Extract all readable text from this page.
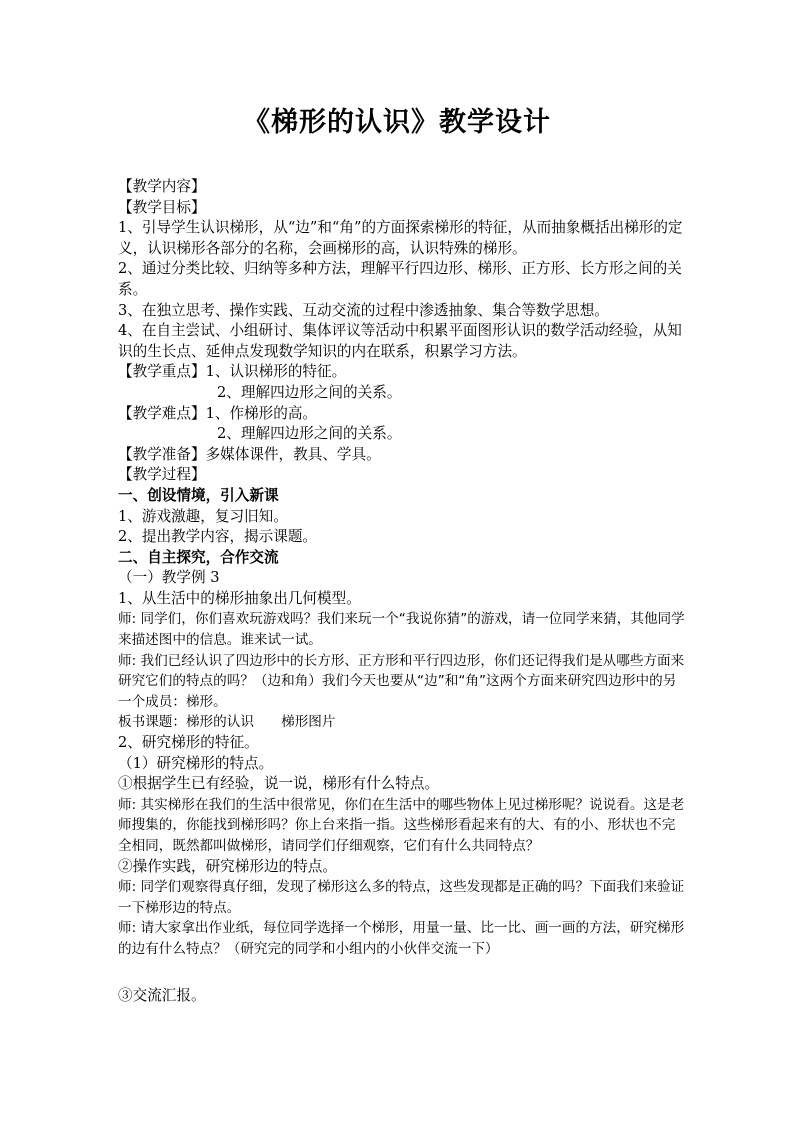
《梯形的认识》教学设计

【教学内容】

【教学目标】

1、引导学生认识梯形，从“边”和“角”的方面探索梯形的特征，从而抽象概括出梯形的定义，认识梯形各部分的名称，会画梯形的高，认识特殊的梯形。

2、通过分类比较、归纳等多种方法，理解平行四边形、梯形、正方形、长方形之间的关系。

3、在独立思考、操作实践、互动交流的过程中渗透抽象、集合等数学思想。

4、在自主尝试、小组研讨、集体评议等活动中积累平面图形认识的数学活动经验，从知识的生长点、延伸点发现数学知识的内在联系，积累学习方法。

【教学重点】1、认识梯形的特征。

2、理解四边形之间的关系。

【教学难点】1、作梯形的高。

2、理解四边形之间的关系。

【教学准备】多媒体课件，教具、学具。

【教学过程】

一、创设情境，引入新课

1、游戏激趣，复习旧知。

2、提出教学内容，揭示课题。

二、自主探究，合作交流

（一）教学例 3

1、从生活中的梯形抽象出几何模型。

师: 同学们，你们喜欢玩游戏吗？我们来玩一个“我说你猜”的游戏，请一位同学来猜，其他同学来描述图中的信息。谁来试一试。

师: 我们已经认识了四边形中的长方形、正方形和平行四边形，你们还记得我们是从哪些方面来研究它们的特点的吗？（边和角）我们今天也要从“边”和“角”这两个方面来研究四边形中的另一个成员：梯形。

板书课题：梯形的认识　　梯形图片

2、研究梯形的特征。

（1）研究梯形的特点。

①根据学生已有经验，说一说，梯形有什么特点。

师: 其实梯形在我们的生活中很常见，你们在生活中的哪些物体上见过梯形呢？说说看。这是老师搜集的，你能找到梯形吗？你上台来指一指。这些梯形看起来有的大、有的小、形状也不完全相同，既然都叫做梯形，请同学们仔细观察，它们有什么共同特点？

②操作实践，研究梯形边的特点。

师: 同学们观察得真仔细，发现了梯形这么多的特点，这些发现都是正确的吗？下面我们来验证一下梯形边的特点。

师: 请大家拿出作业纸，每位同学选择一个梯形，用量一量、比一比、画一画的方法，研究梯形的边有什么特点？（研究完的同学和小组内的小伙伴交流一下）

③交流汇报。
